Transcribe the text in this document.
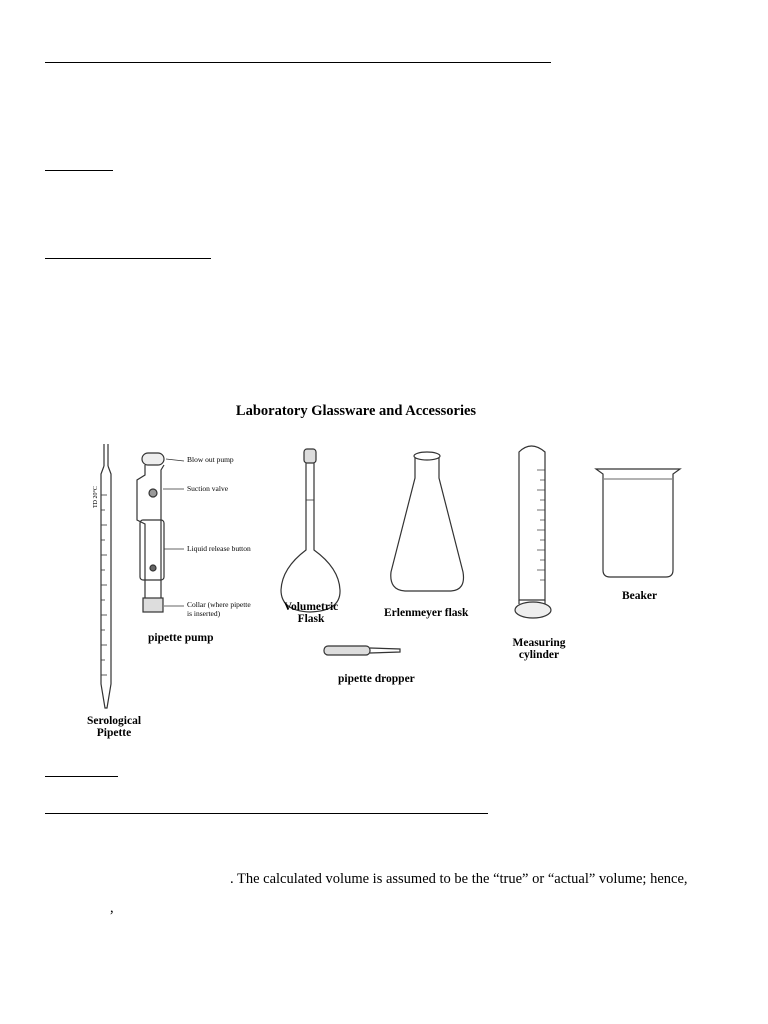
Laboratory Glassware and Accessories
Serological
Pipette
pipette pump
Volumetric
Flask	Erlenmeyer flask
Measuring
cylinder
Beaker
pipette dropper
Blow out pump
Suction valve
Liquid release button
Collar (where pipette
is inserted)
TD 20°C
. The calculated volume is assumed to be the “true” or “actual” volume; hence,
,
